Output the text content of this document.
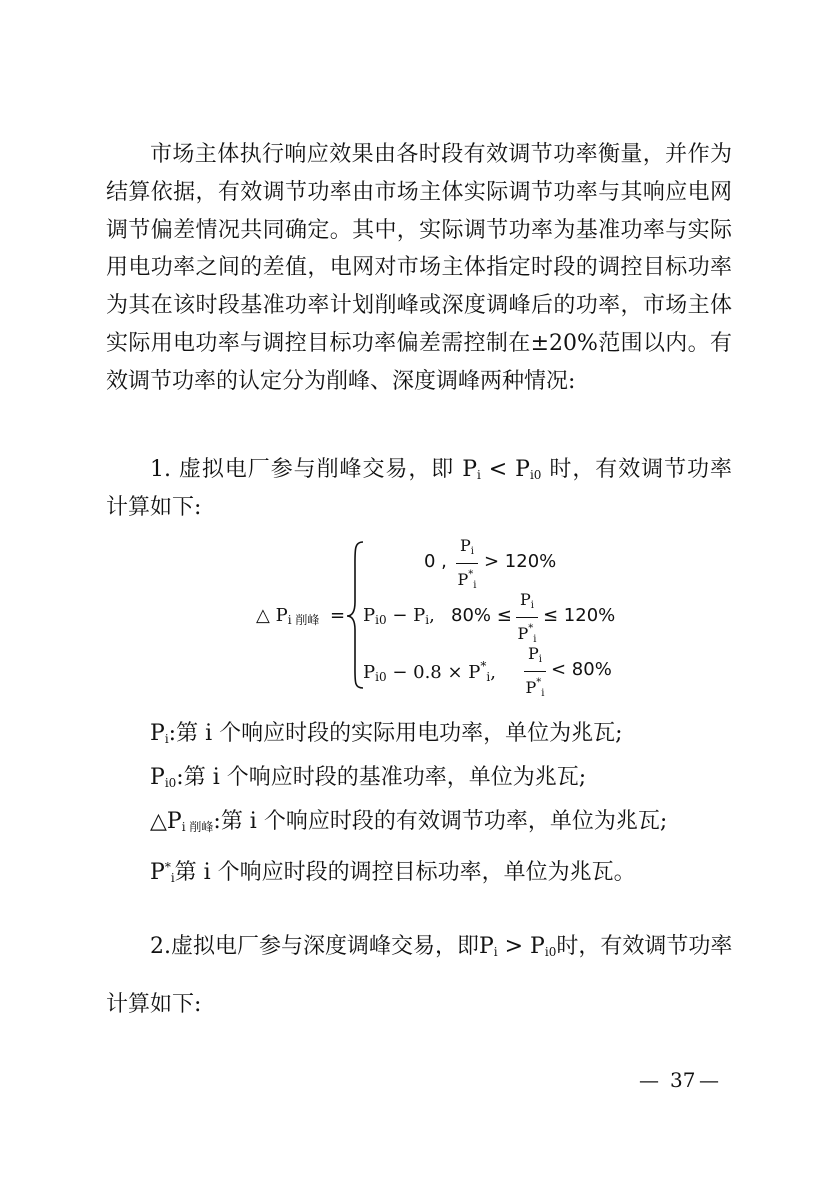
市场主体执行响应效果由各时段有效调节功率衡量，并作为
结算依据，有效调节功率由市场主体实际调节功率与其响应电网
调节偏差情况共同确定。其中，实际调节功率为基准功率与实际
用电功率之间的差值，电网对市场主体指定时段的调控目标功率
为其在该时段基准功率计划削峰或深度调峰后的功率，市场主体
实际用电功率与调控目标功率偏差需控制在±20%范围以内。有
效调节功率的认定分为削峰、深度调峰两种情况:
1. 虚拟电厂参与削峰交易，即 $P_i < P_{i0}$ 时，有效调节功率
计算如下:
△ $P_{i 削峰}$ =
0 ,
$P_i$
$P^*_i$
> 120%
$P_{i0} - P_i$, 80% ≤
$P_i$
$P^*_i$
≤ 120%
$P_{i0} - 0.8 \times P^*_i$,
$P_i$
$P^*_i$
< 80%
$P_i$:第 i 个响应时段的实际用电功率，单位为兆瓦;
$P_{i0}$:第 i 个响应时段的基准功率，单位为兆瓦;
$\triangle P_{i 削峰}$:第 i 个响应时段的有效调节功率，单位为兆瓦;
$P^*_i$第 i 个响应时段的调控目标功率，单位为兆瓦。
2.虚拟电厂参与深度调峰交易，即$P_i > P_{i0}$时，有效调节功率
计算如下:
— 37 —
